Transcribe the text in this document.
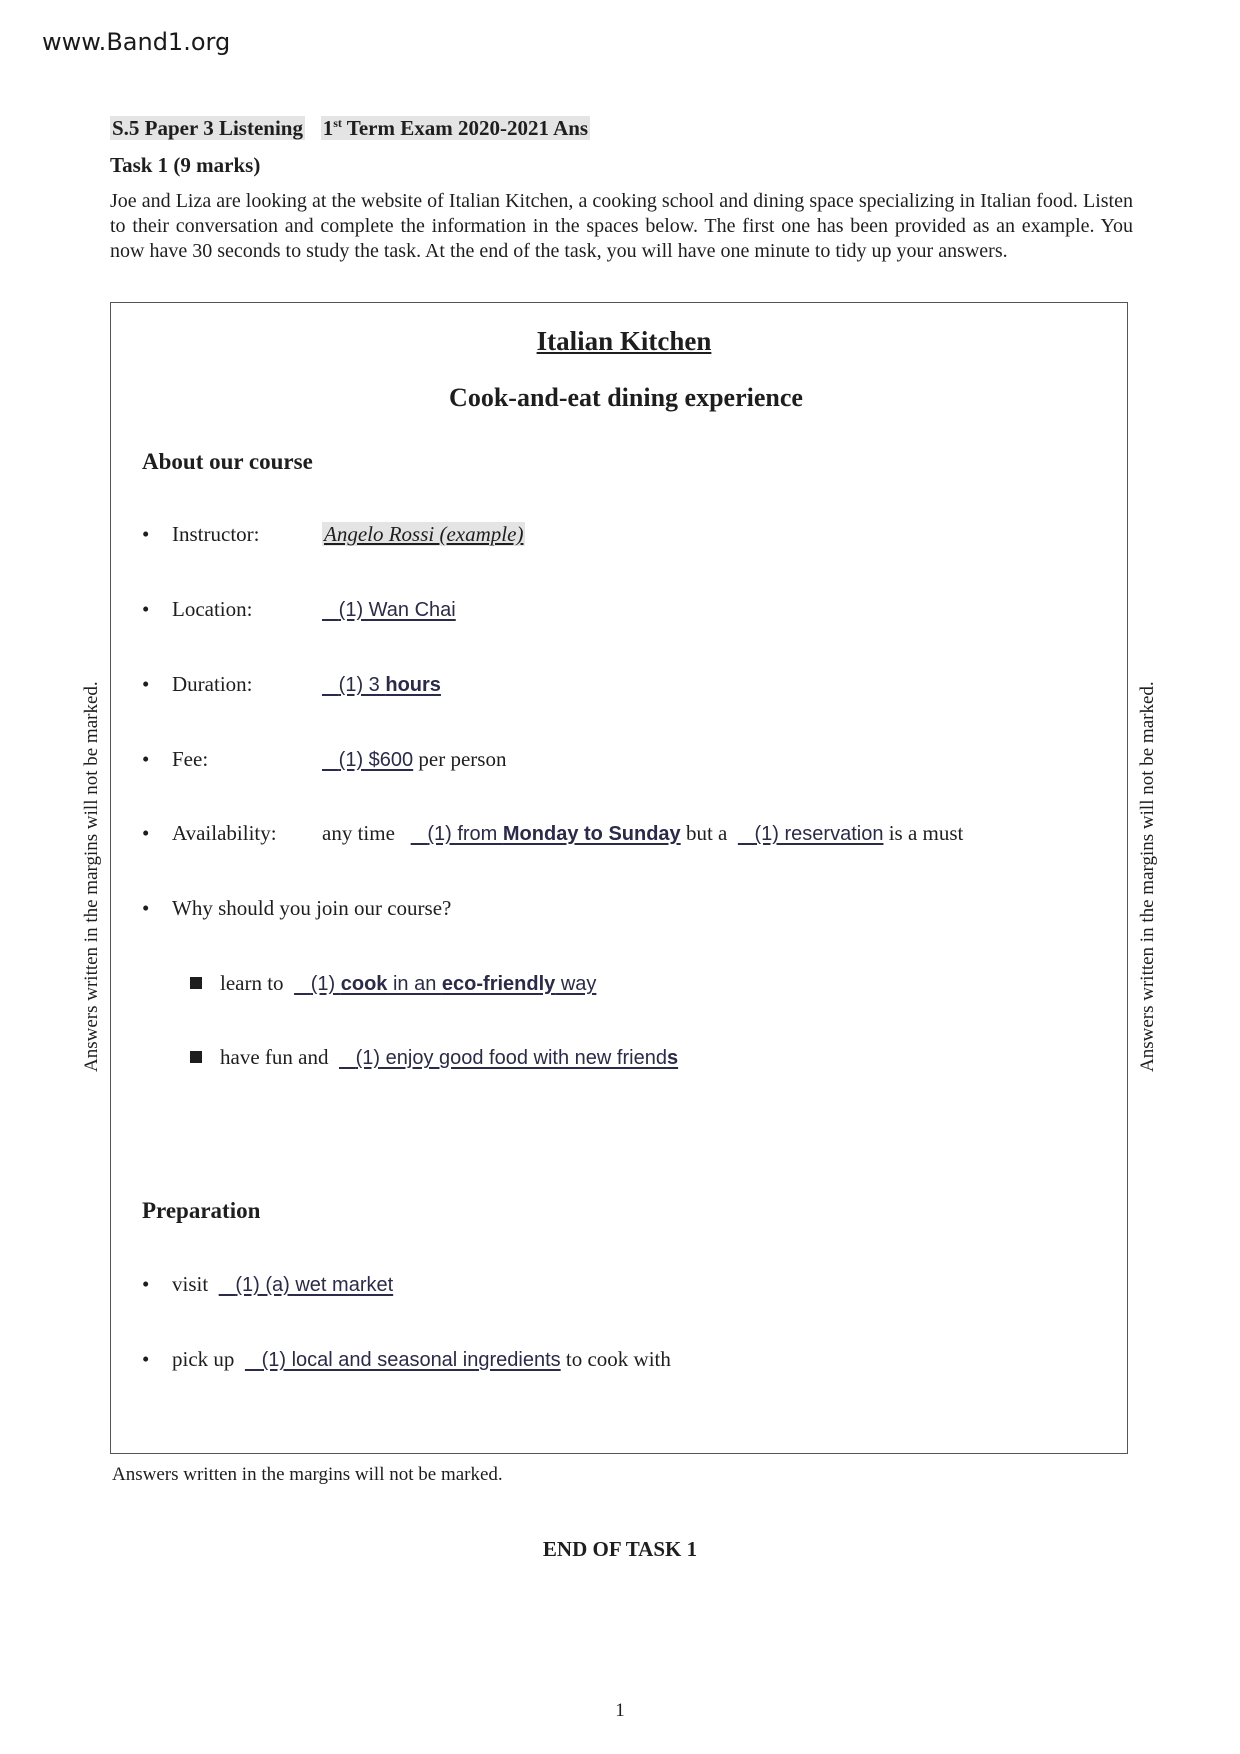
www.Band1.org
S.5 Paper 3 Listening 1st Term Exam 2020-2021 Ans
Task 1 (9 marks)
Joe and Liza are looking at the website of Italian Kitchen, a cooking school and dining space specializing in Italian food. Listen to their conversation and complete the information in the spaces below. The first one has been provided as an example. You now have 30 seconds to study the task. At the end of the task, you will have one minute to tidy up your answers.
Italian Kitchen
Cook-and-eat dining experience
About our course
• Instructor:	Angelo Rossi (example)
• Location:	(1) Wan Chai
• Duration:	(1) 3 hours
• Fee:	(1) $600 per person
• Availability: any time (1) from Monday to Sunday but a (1) reservation is a must
• Why should you join our course?
learn to (1) cook in an eco-friendly way
have fun and (1) enjoy good food with new friends
Preparation
• visit (1) (a) wet market
• pick up (1) local and seasonal ingredients to cook with
Answers written in the margins will not be marked.	Answers written in the margins will not be marked.
Answers written in the margins will not be marked.
END OF TASK 1
1
